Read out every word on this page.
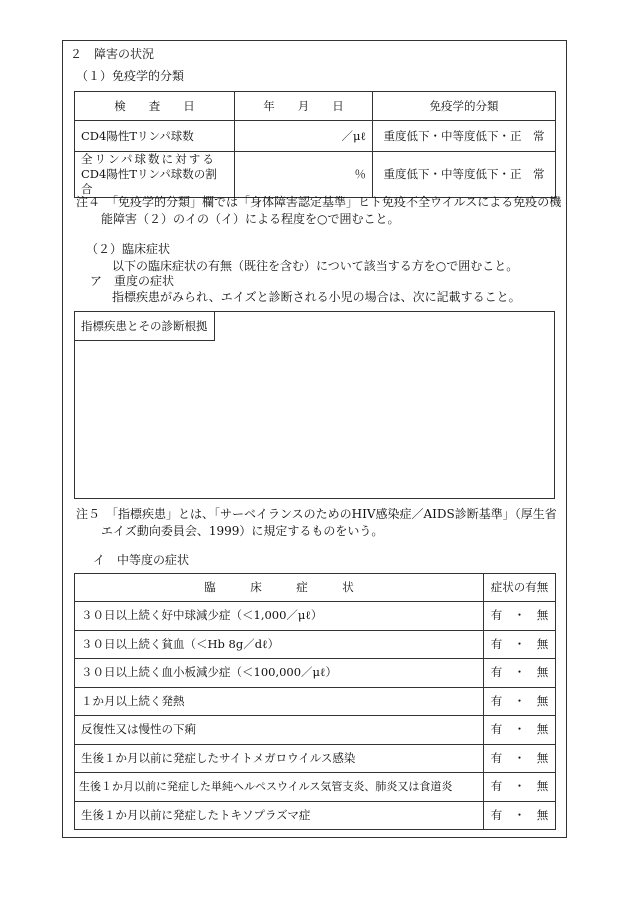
２　障害の状況
（１）免疫学的分類
検　　査　　日	年　　月　　日	免疫学的分類
CD4陽性Tリンパ球数	／μℓ	重度低下・中等度低下・正　常

全リンパ球数に対する
CD4陽性Tリンパ球数の割合	％	重度低下・中等度低下・正　常
注４　「免疫学的分類」欄では「身体障害認定基準」ヒト免疫不全ウイルスによる免疫の機
能障害（２）のイの（イ）による程度を○で囲むこと。
（２）臨床症状
以下の臨床症状の有無（既往を含む）について該当する方を○で囲むこと。
ア　重度の症状
指標疾患がみられ、エイズと診断される小児の場合は、次に記載すること。
指標疾患とその診断根拠
注５　「指標疾患」とは、「サーベイランスのためのHIV感染症／AIDS診断基準」（厚生省
エイズ動向委員会、1999）に規定するものをいう。
イ　中等度の症状
臨　　　床　　　症　　　状	症状の有無
３０日以上続く好中球減少症（＜1,000／μℓ）	有　・　無
３０日以上続く貧血（＜Hb 8g／dℓ）	有　・　無
３０日以上続く血小板減少症（＜100,000／μℓ）	有　・　無
１か月以上続く発熱	有　・　無
反復性又は慢性の下痢	有　・　無
生後１か月以前に発症したサイトメガロウイルス感染	有　・　無
生後１か月以前に発症した単純ヘルペスウイルス気管支炎、肺炎又は食道炎	有　・　無
生後１か月以前に発症したトキソプラズマ症	有　・　無
